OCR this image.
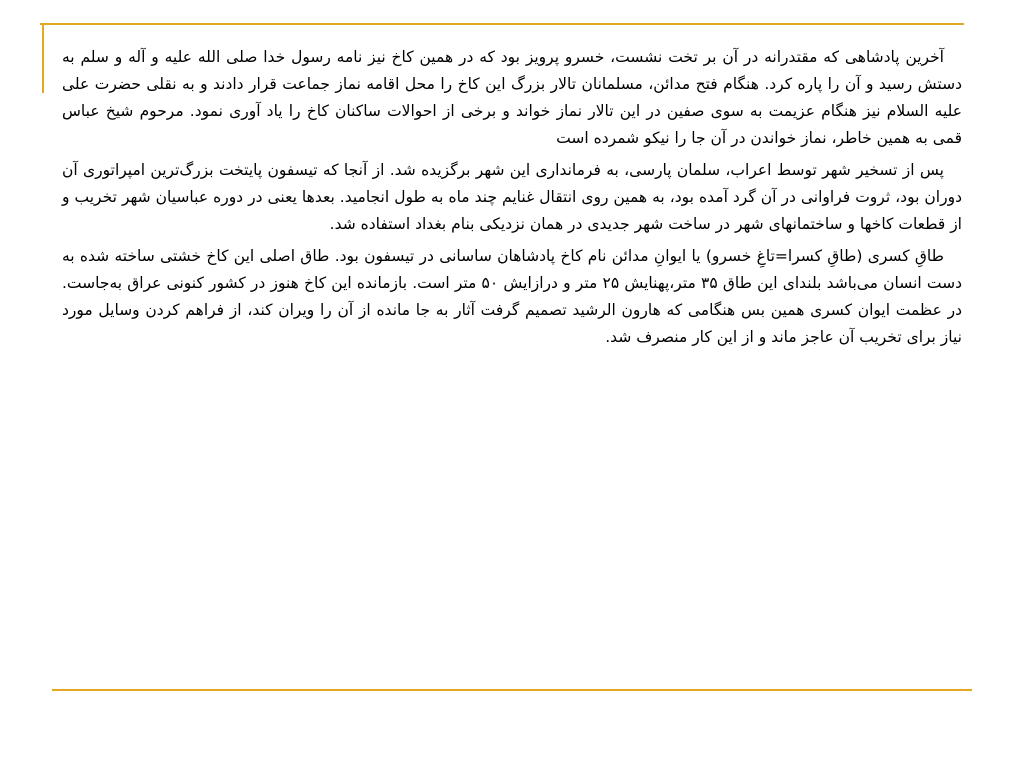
آخرین پادشاهی که مقتدرانه در آن بر تخت نشست، خسرو پرویز بود که در همین کاخ نیز نامه رسول خدا صلی الله علیه و آله و سلم به دستش رسید و آن را پاره کرد. هنگام فتح مدائن، مسلمانان تالار بزرگ این کاخ را محل اقامه نماز جماعت قرار دادند و به نقلی حضرت علی علیه السلام نیز هنگام عزیمت به سوی صفین در این تالار نماز خواند و برخی از احوالات ساکنان کاخ را یاد آوری نمود. مرحوم شیخ عباس قمی به همین خاطر، نماز خواندن در آن جا را نیکو شمرده است

پس از تسخیر شهر توسط اعراب، سلمان پارسی، به فرمانداری این شهر برگزیده شد. از آنجا که تیسفون پایتخت بزرگ‌ترین امپراتوری آن دوران بود، ثروت فراوانی در آن گرد آمده بود، به همین روی انتقال غنایم چند ماه به طول انجامید. بعدها یعنی در دوره عباسیان شهر تخریب و از قطعات کاخها و ساختمانهای شهر در ساخت شهر جدیدی در همان نزدیکی بنام بغداد استفاده شد.

طاقِ کسری (طاقِ کسرا=تاغِ خسرو) یا ایوانِ مدائن نام کاخ پادشاهان ساسانی در تیسفون بود. طاق اصلی این کاخ خشتی ساخته شده به دست انسان می‌باشد بلندای این طاق ۳۵ متر،پهنایش ۲۵ متر و درازایش ۵۰ متر است. بازمانده این کاخ هنوز در کشور کنونی عراق به‌جاست. در عظمت ایوان کسری همین بس هنگامی که هارون الرشید تصمیم گرفت آثار به جا مانده از آن را ویران کند، از فراهم کردن وسایل مورد نیاز برای تخریب آن عاجز ماند و از این کار منصرف شد.
